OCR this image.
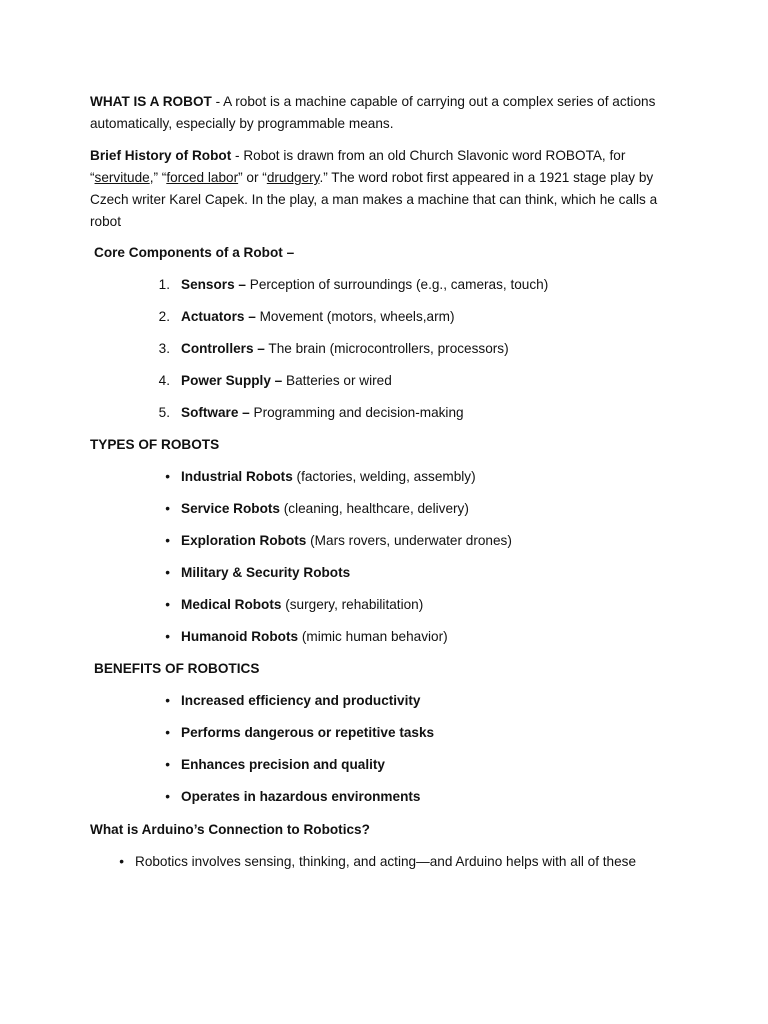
WHAT IS A ROBOT - A robot is a machine capable of carrying out a complex series of actions automatically, especially by programmable means.

Brief History of Robot - Robot is drawn from an old Church Slavonic word ROBOTA, for “servitude,” “forced labor” or “drudgery.” The word robot first appeared in a 1921 stage play by Czech writer Karel Capek. In the play, a man makes a machine that can think, which he calls a robot

Core Components of a Robot –
1. Sensors – Perception of surroundings (e.g., cameras, touch)
2. Actuators – Movement (motors, wheels,arm)
3. Controllers – The brain (microcontrollers, processors)
4. Power Supply – Batteries or wired
5. Software – Programming and decision-making
TYPES OF ROBOTS
• Industrial Robots (factories, welding, assembly)
• Service Robots (cleaning, healthcare, delivery)
• Exploration Robots (Mars rovers, underwater drones)
• Military & Security Robots
• Medical Robots (surgery, rehabilitation)
• Humanoid Robots (mimic human behavior)
BENEFITS OF ROBOTICS
• Increased efficiency and productivity
• Performs dangerous or repetitive tasks
• Enhances precision and quality
• Operates in hazardous environments
What is Arduino’s Connection to Robotics?
• Robotics involves sensing, thinking, and acting—and Arduino helps with all of these
